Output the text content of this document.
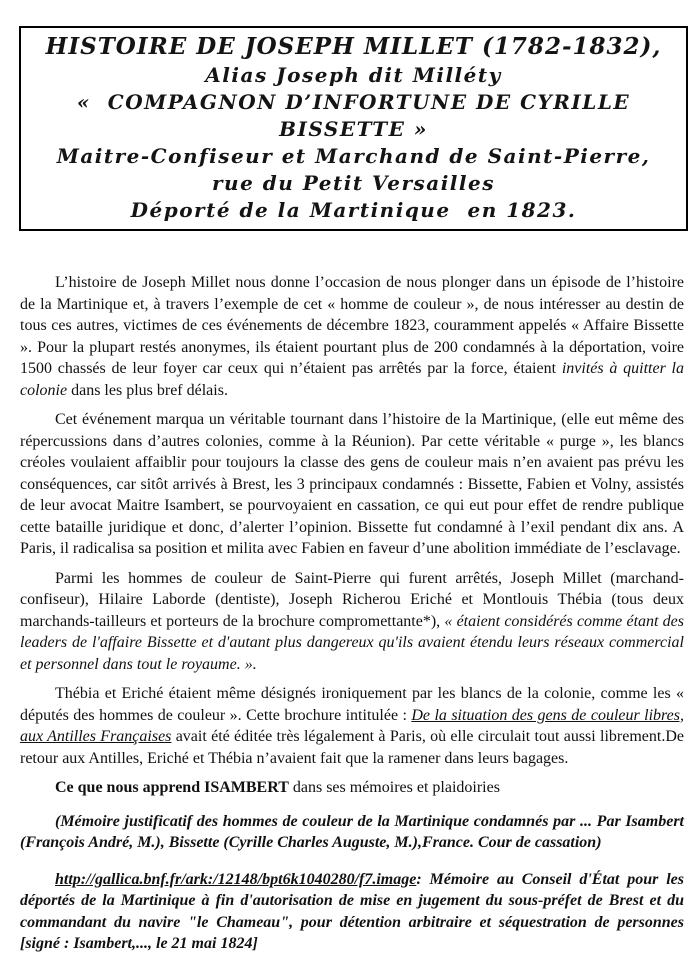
HISTOIRE DE JOSEPH MILLET (1782-1832),
Alias Joseph dit Milléty
«  COMPAGNON D’INFORTUNE DE CYRILLE BISSETTE »
Maitre-Confiseur et Marchand de Saint-Pierre,
rue du Petit Versailles
Déporté de la Martinique  en 1823.

L’histoire de Joseph Millet nous donne l’occasion de nous plonger dans un épisode de l’histoire de la Martinique et, à travers l’exemple de cet « homme de couleur », de nous intéresser au destin de tous ces autres, victimes de ces événements de décembre 1823, couramment appelés « Affaire Bissette ». Pour la plupart restés anonymes, ils étaient pourtant plus de 200 condamnés à la déportation, voire 1500 chassés de leur foyer car ceux qui n’étaient pas arrêtés par la force, étaient invités à quitter la colonie dans les plus bref délais.

Cet événement marqua un véritable tournant dans l’histoire de la Martinique, (elle eut même des répercussions dans d’autres colonies, comme à la Réunion). Par cette véritable « purge », les blancs créoles voulaient affaiblir pour toujours la classe des gens de couleur mais n’en avaient pas prévu les conséquences, car sitôt arrivés à Brest, les 3 principaux condamnés : Bissette, Fabien et Volny, assistés de leur avocat Maitre Isambert, se pourvoyaient en cassation, ce qui eut pour effet de rendre publique cette bataille juridique et donc, d’alerter l’opinion. Bissette fut condamné à l’exil pendant dix ans. A Paris, il radicalisa sa position et milita avec Fabien en faveur d’une abolition immédiate de l’esclavage.

Parmi les hommes de couleur de Saint-Pierre qui furent arrêtés, Joseph Millet (marchand-confiseur), Hilaire Laborde (dentiste), Joseph Richerou Eriché et Montlouis Thébia (tous deux marchands-tailleurs et porteurs de la brochure compromettante*), « étaient considérés comme étant des leaders de l'affaire Bissette et d'autant plus dangereux qu'ils avaient étendu leurs réseaux commercial et personnel dans tout le royaume. ».

Thébia et Eriché étaient même désignés ironiquement par les blancs de la colonie, comme les « députés des hommes de couleur ». Cette brochure intitulée : De la situation des gens de couleur libres, aux Antilles Françaises avait été éditée très légalement à Paris, où elle circulait tout aussi librement.De retour aux Antilles, Eriché et Thébia n’avaient fait que la ramener dans leurs bagages.

Ce que nous apprend ISAMBERT dans ses mémoires et plaidoiries

(Mémoire justificatif des hommes de couleur de la Martinique condamnés par ... Par Isambert (François André, M.), Bissette (Cyrille Charles Auguste, M.),France. Cour de cassation)

http://gallica.bnf.fr/ark:/12148/bpt6k1040280/f7.image: Mémoire au Conseil d'État pour les déportés de la Martinique à fin d'autorisation de mise en jugement du sous-préfet de Brest et du commandant du navire "le Chameau", pour détention arbitraire et séquestration de personnes [signé : Isambert,..., le 21 mai 1824]
